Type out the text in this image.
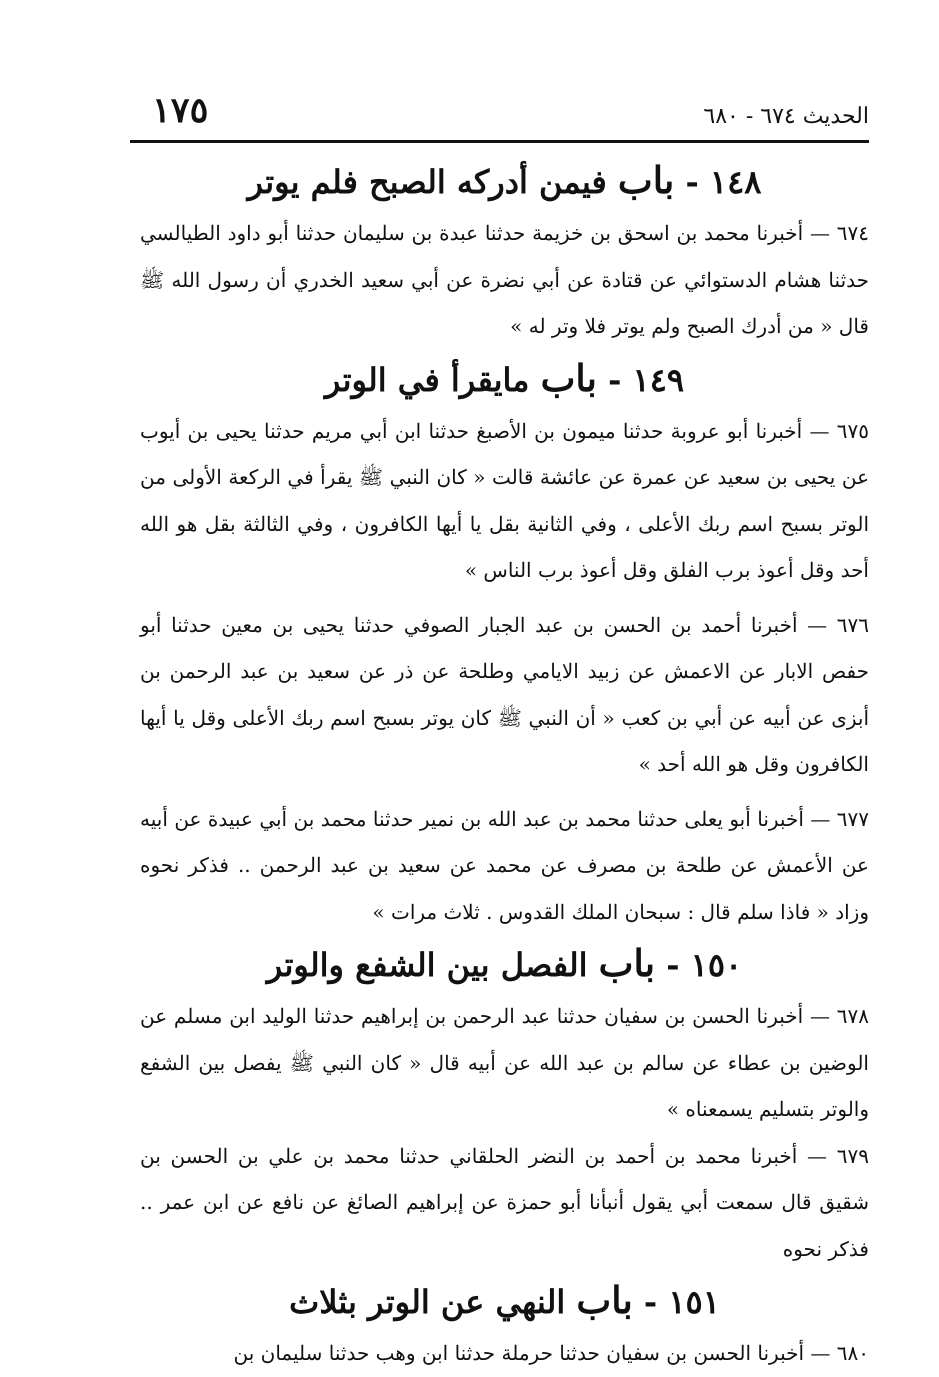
١٧٥	الحديث ٦٧٤ - ٦٨٠
١٤٨ - باب فيمن أدركه الصبح فلم يوتر

٦٧٤ — أخبرنا محمد بن اسحق بن خزيمة حدثنا عبدة بن سليمان حدثنا أبو داود الطيالسي حدثنا هشام الدستوائي عن قتادة عن أبي نضرة عن أبي سعيد الخدري أن رسول الله ﷺ قال « من أدرك الصبح ولم يوتر فلا وتر له »

١٤٩ - باب مايقرأ في الوتر

٦٧٥ — أخبرنا أبو عروبة حدثنا ميمون بن الأصبغ حدثنا ابن أبي مريم حدثنا يحيى بن أيوب عن يحيى بن سعيد عن عمرة عن عائشة قالت « كان النبي ﷺ يقرأ في الركعة الأولى من الوتر بسبح اسم ربك الأعلى ، وفي الثانية بقل يا أيها الكافرون ، وفي الثالثة بقل هو الله أحد وقل أعوذ برب الفلق وقل أعوذ برب الناس »

٦٧٦ — أخبرنا أحمد بن الحسن بن عبد الجبار الصوفي حدثنا يحيى بن معين حدثنا أبو حفص الابار عن الاعمش عن زبيد الايامي وطلحة عن ذر عن سعيد بن عبد الرحمن بن أبزى عن أبيه عن أبي بن كعب « أن النبي ﷺ كان يوتر بسبح اسم ربك الأعلى وقل يا أيها الكافرون وقل هو الله أحد »

٦٧٧ — أخبرنا أبو يعلى حدثنا محمد بن عبد الله بن نمير حدثنا محمد بن أبي عبيدة عن أبيه عن الأعمش عن طلحة بن مصرف عن محمد عن سعيد بن عبد الرحمن .. فذكر نحوه وزاد « فاذا سلم قال : سبحان الملك القدوس . ثلاث مرات »

١٥٠ - باب الفصل بين الشفع والوتر

٦٧٨ — أخبرنا الحسن بن سفيان حدثنا عبد الرحمن بن إبراهيم حدثنا الوليد ابن مسلم عن الوضين بن عطاء عن سالم بن عبد الله عن أبيه قال « كان النبي ﷺ يفصل بين الشفع والوتر بتسليم يسمعناه »

٦٧٩ — أخبرنا محمد بن أحمد بن النضر الحلقاني حدثنا محمد بن علي بن الحسن بن شقيق قال سمعت أبي يقول أنبأنا أبو حمزة عن إبراهيم الصائغ عن نافع عن ابن عمر .. فذكر نحوه

١٥١ - باب النهي عن الوتر بثلاث

٦٨٠ — أخبرنا الحسن بن سفيان حدثنا حرملة حدثنا ابن وهب حدثنا سليمان بن
